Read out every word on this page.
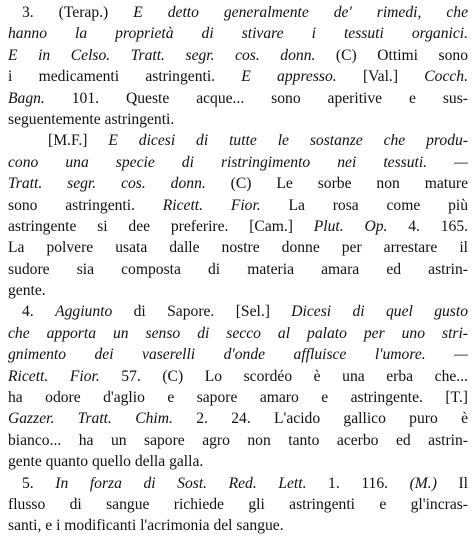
3. (Terap.) E detto generalmente de' rimedi, che
hanno la proprietà di stivare i tessuti organici.
E in Celso. Tratt. segr. cos. donn. (C) Ottimi sono
i medicamenti astringenti. E appresso. [Val.] Cocch.
Bagn. 101. Queste acque... sono aperitive e sus-
seguentemente astringenti.
[M.F.] E dicesi di tutte le sostanze che produ-
cono una specie di ristringimento nei tessuti. —
Tratt. segr. cos. donn. (C) Le sorbe non mature
sono astringenti. Ricett. Fior. La rosa come più
astringente si dee preferire. [Cam.] Plut. Op. 4. 165.
La polvere usata dalle nostre donne per arrestare il
sudore sia composta di materia amara ed astrin-
gente.
4. Aggiunto di Sapore. [Sel.] Dicesi di quel gusto
che apporta un senso di secco al palato per uno stri-
gnimento dei vaserelli d'onde affluisce l'umore. —
Ricett. Fior. 57. (C) Lo scordéo è una erba che...
ha odore d'aglio e sapore amaro e astringente. [T.]
Gazzer. Tratt. Chim. 2. 24. L'acido gallico puro è
bianco... ha un sapore agro non tanto acerbo ed astrin-
gente quanto quello della galla.
5. In forza di Sost. Red. Lett. 1. 116. (M.) Il
flusso di sangue richiede gli astringenti e gl'incras-
santi, e i modificanti l'acrimonia del sangue.
